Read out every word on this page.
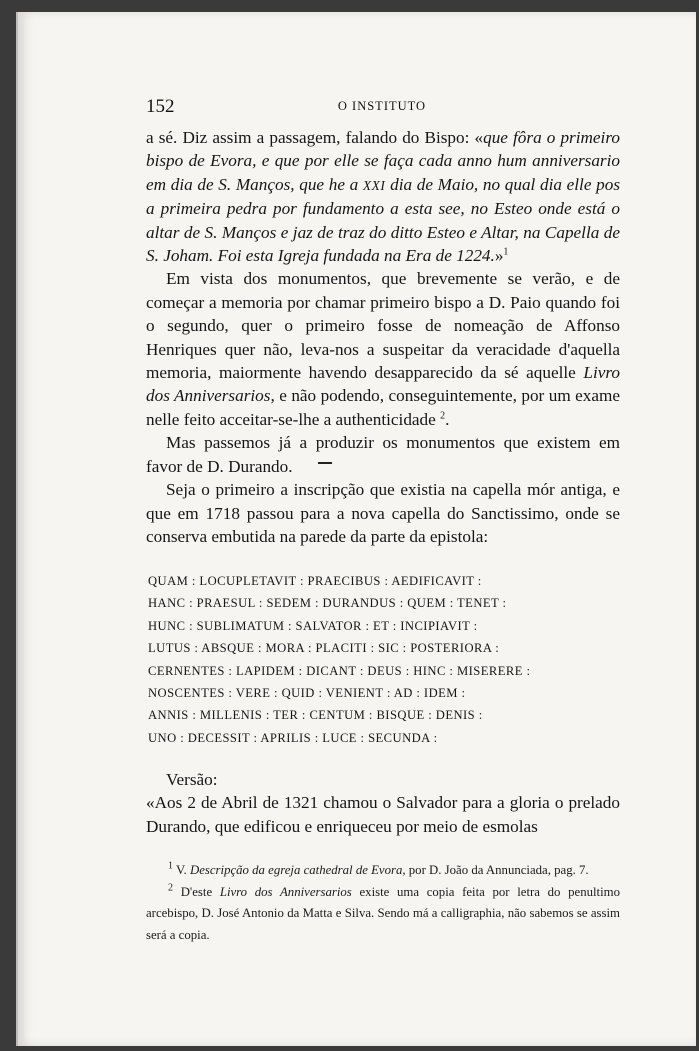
152	O INSTITUTO

a sé. Diz assim a passagem, falando do Bispo: «que fôra o primeiro bispo de Evora, e que por elle se faça cada anno hum anniversario em dia de S. Manços, que he a XXI dia de Maio, no qual dia elle pos a primeira pedra por fundamento a esta see, no Esteo onde está o altar de S. Manços e jaz de traz do ditto Esteo e Altar, na Capella de S. Joham. Foi esta Igreja fundada na Era de 1224.»$^1$

Em vista dos monumentos, que brevemente se verão, e de começar a memoria por chamar primeiro bispo a D. Paio quando foi o segundo, quer o primeiro fosse de nomeação de Affonso Henriques quer não, leva-nos a suspeitar da veracidade d'aquella memoria, maiormente havendo desapparecido da sé aquelle Livro dos Anniversarios, e não podendo, conseguintemente, por um exame nelle feito acceitar-se-lhe a authenticidade $^2$.

Mas passemos já a produzir os monumentos que existem em favor de D. Durando.

Seja o primeiro a inscripção que existia na capella mór antiga, e que em 1718 passou para a nova capella do Sanctissimo, onde se conserva embutida na parede da parte da epistola:

QUAM : LOCUPLETAVIT : PRAECIBUS : AEDIFICAVIT :
HANC : PRAESUL : SEDEM : DURANDUS : QUEM : TENET :
HUNC : SUBLIMATUM : SALVATOR : ET : INCIPIAVIT :
LUTUS : ABSQUE : MORA : PLACITI : SIC : POSTERIORA :
CERNENTES : LAPIDEM : DICANT : DEUS : HINC : MISERERE :
NOSCENTES : VERE : QUID : VENIENT : AD : IDEM :
ANNIS : MILLENIS : TER : CENTUM : BISQUE : DENIS :
UNO : DECESSIT : APRILIS : LUCE : SECUNDA :

Versão:

«Aos 2 de Abril de 1321 chamou o Salvador para a gloria o prelado Durando, que edificou e enriqueceu por meio de esmolas

$^1$ V. Descripção da egreja cathedral de Evora, por D. João da Annunciada, pag. 7.

$^2$ D'este Livro dos Anniversarios existe uma copia feita por letra do penultimo arcebispo, D. José Antonio da Matta e Silva. Sendo má a calligraphia, não sabemos se assim será a copia.
